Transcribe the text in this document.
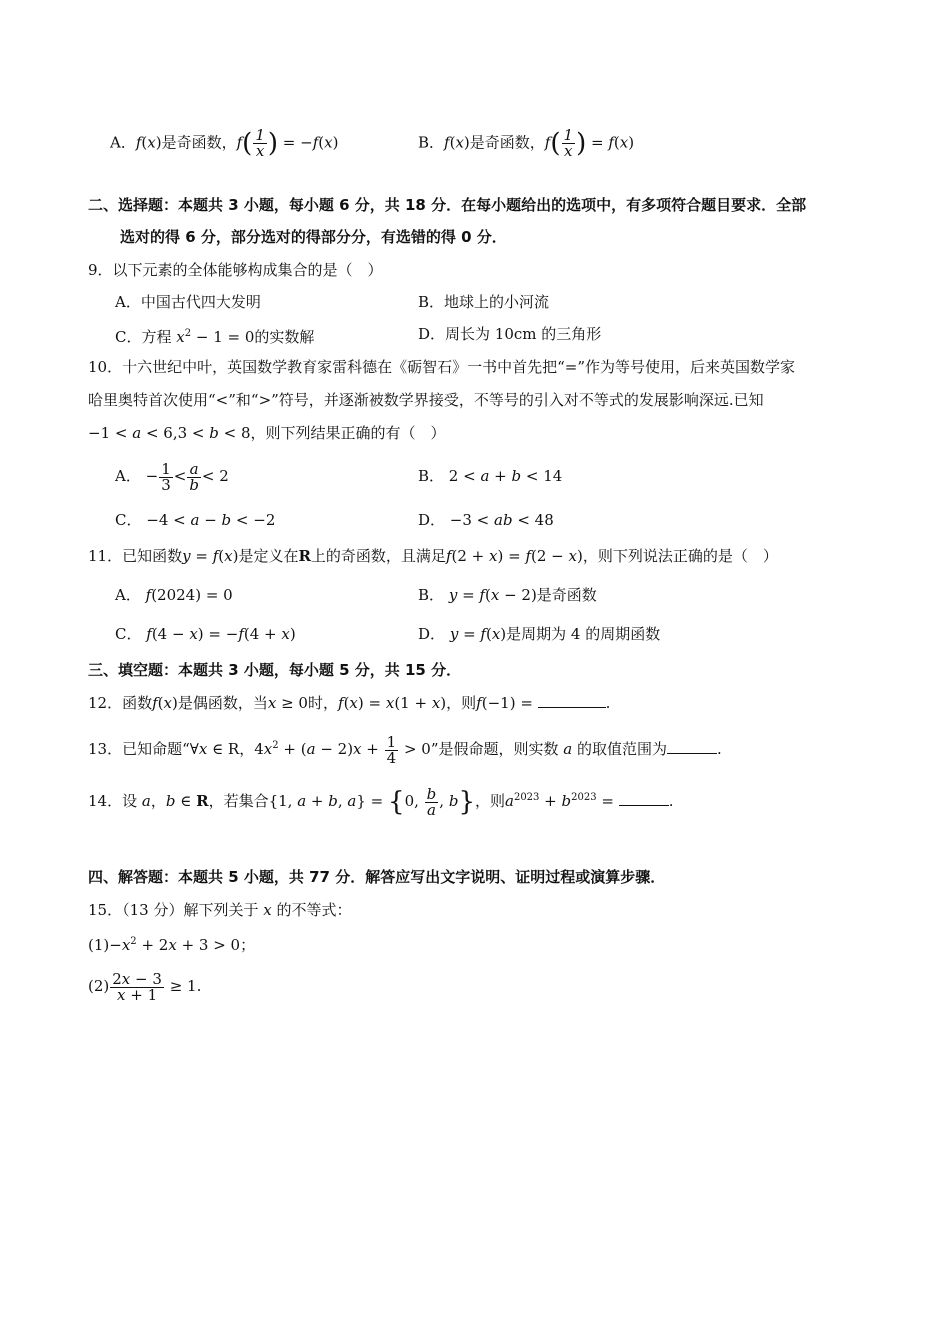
A．f(x)是奇函数，$f( \frac{1}{x}$ ) = −f(x)	B．f(x)是奇函数，$f( \frac{1}{x}$ ) = f(x)
二、选择题：本题共 3 小题，每小题 6 分，共 18 分．在每小题给出的选项中，有多项符合题目要求．全部
选对的得 6 分，部分选对的得部分分，有选错的得 0 分．
9．以下元素的全体能够构成集合的是（　）
A．中国古代四大发明	B．地球上的小河流
C．方程 $x^2 - 1 = 0$的实数解	D．周长为 10cm 的三角形
10．十六世纪中叶，英国数学教育家雷科德在《砺智石》一书中首先把“=”作为等号使用，后来英国数学家
哈里奥特首次使用“<”和“>”符号，并逐渐被数学界接受，不等号的引入对不等式的发展影响深远.已知
−1 < a < 6,3 < b < 8，则下列结果正确的有（　）
A． − $\frac{1}{3} < \frac{a}{b} < 2$	B． 2 < a + b < 14
C． −4 < a − b < −2	D． −3 < ab < 48
11．已知函数y = f(x)是定义在R上的奇函数，且满足f(2 + x) = f(2 − x)，则下列说法正确的是（　）
A． f(2024) = 0	B． y = f(x − 2)是奇函数
C． f(4 − x) = −f(4 + x)	D． y = f(x)是周期为 4 的周期函数
三、填空题：本题共 3 小题，每小题 5 分，共 15 分．
12．函数f(x)是偶函数，当x ≥ 0时，f(x) = x(1 + x)，则f(−1) =	.
13．已知命题“∀x ∈ R，$4x^2 + (a - 2)x + \frac{1}{4} > 0$”是假命题，则实数 a 的取值范围为	.
14．设 a，b ∈ R，若集合{1, a + b, a} = {0, $\frac{b}{a}$ , b}，则$a^{2023} + b^{2023}$ =	.
四、解答题：本题共 5 小题，共 77 分．解答应写出文字说明、证明过程或演算步骤．
15．（13 分）解下列关于 x 的不等式：
$(1)-x^2 + 2x + 3 > 0$；
$(2) \frac{2x - 3}{x + 1} \ge 1$.
